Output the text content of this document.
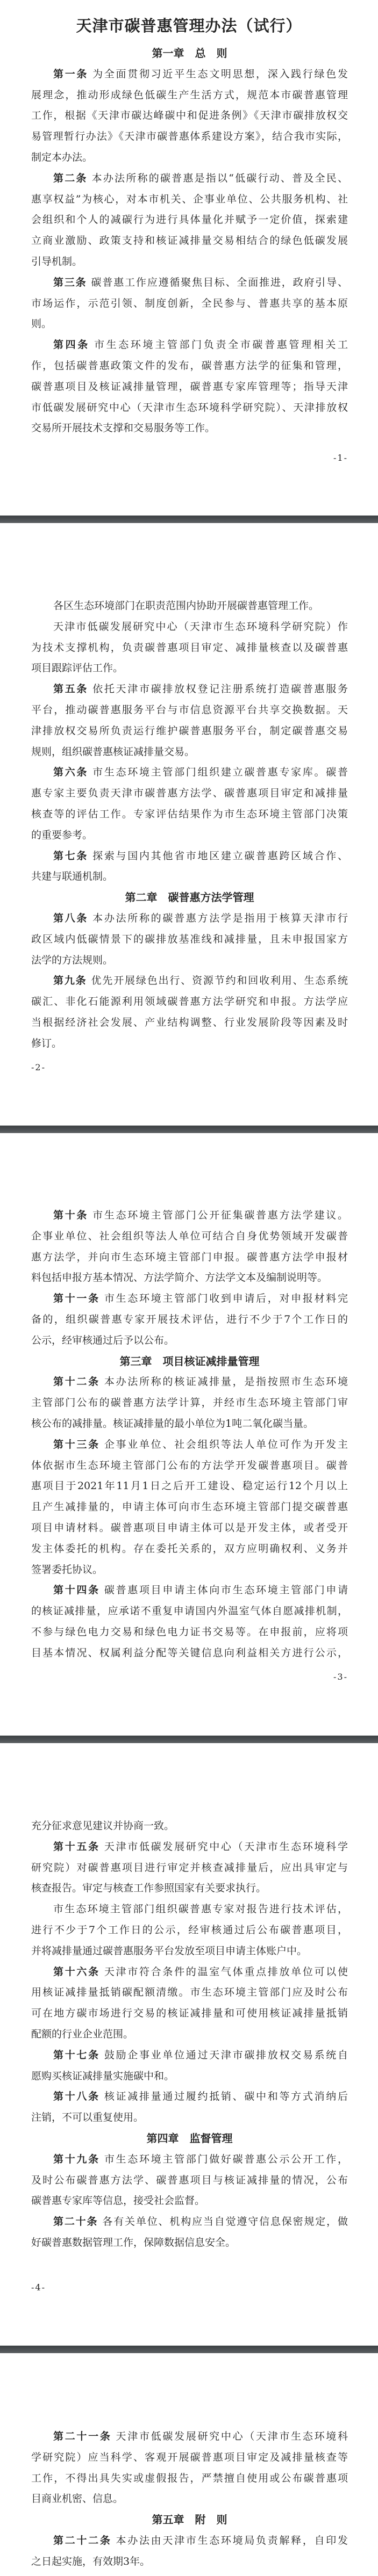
天津市碳普惠管理办法（试行）
-1-
-2-
-3-
-4-
第一章　总　则
第一条 为全面贯彻习近平生态文明思想，深入践行绿色发
展理念，推动形成绿色低碳生产生活方式，规范本市碳普惠管理
工作，根据《天津市碳达峰碳中和促进条例》《天津市碳排放权交
易管理暂行办法》《天津市碳普惠体系建设方案》，结合我市实际，
制定本办法。
第二条 本办法所称的碳普惠是指以“低碳行动、普及全民、
惠享权益”为核心，对本市机关、企事业单位、公共服务机构、社
会组织和个人的减碳行为进行具体量化并赋予一定价值，探索建
立商业激励、政策支持和核证减排量交易相结合的绿色低碳发展
引导机制。
第三条 碳普惠工作应遵循聚焦目标、全面推进，政府引导、
市场运作，示范引领、制度创新，全民参与、普惠共享的基本原
则。
第四条 市生态环境主管部门负责全市碳普惠管理相关工
作，包括碳普惠政策文件的发布，碳普惠方法学的征集和管理，
碳普惠项目及核证减排量管理，碳普惠专家库管理等；指导天津
市低碳发展研究中心（天津市生态环境科学研究院）、天津排放权
交易所开展技术支撑和交易服务等工作。
各区生态环境部门在职责范围内协助开展碳普惠管理工作。
天津市低碳发展研究中心（天津市生态环境科学研究院）作
为技术支撑机构，负责碳普惠项目审定、减排量核查以及碳普惠
项目跟踪评估工作。
第五条 依托天津市碳排放权登记注册系统打造碳普惠服务
平台，推动碳普惠服务平台与市信息资源平台共享交换数据。天
津排放权交易所负责运行维护碳普惠服务平台，制定碳普惠交易
规则，组织碳普惠核证减排量交易。
第六条 市生态环境主管部门组织建立碳普惠专家库。碳普
惠专家主要负责天津市碳普惠方法学、碳普惠项目审定和减排量
核查等的评估工作。专家评估结果作为市生态环境主管部门决策
的重要参考。
第七条 探索与国内其他省市地区建立碳普惠跨区域合作、
共建与联通机制。
第二章　碳普惠方法学管理
第八条 本办法所称的碳普惠方法学是指用于核算天津市行
政区域内低碳情景下的碳排放基准线和减排量，且未申报国家方
法学的方法规则。
第九条 优先开展绿色出行、资源节约和回收利用、生态系统
碳汇、非化石能源利用领域碳普惠方法学研究和申报。方法学应
当根据经济社会发展、产业结构调整、行业发展阶段等因素及时
修订。
第十条 市生态环境主管部门公开征集碳普惠方法学建议。
企事业单位、社会组织等法人单位可结合自身优势领域开发碳普
惠方法学，并向市生态环境主管部门申报。碳普惠方法学申报材
料包括申报方基本情况、方法学简介、方法学文本及编制说明等。
第十一条 市生态环境主管部门收到申请后，对申报材料完
备的，组织碳普惠专家开展技术评估，进行不少于7个工作日的
公示，经审核通过后予以公布。
第三章　项目核证减排量管理
第十二条 本办法所称的核证减排量，是指按照市生态环境
主管部门公布的碳普惠方法学计算，并经市生态环境主管部门审
核公布的减排量。核证减排量的最小单位为1吨二氧化碳当量。
第十三条 企事业单位、社会组织等法人单位可作为开发主
体依据市生态环境主管部门公布的方法学开发碳普惠项目。碳普
惠项目于2021年11月1日之后开工建设、稳定运行12个月以上
且产生减排量的，申请主体可向市生态环境主管部门提交碳普惠
项目申请材料。碳普惠项目申请主体可以是开发主体，或者受开
发主体委托的机构。存在委托关系的，双方应明确权利、义务并
签署委托协议。
第十四条 碳普惠项目申请主体向市生态环境主管部门申请
的核证减排量，应承诺不重复申请国内外温室气体自愿减排机制，
不参与绿色电力交易和绿色电力证书交易等。在申报前，应将项
目基本情况、权属利益分配等关键信息向利益相关方进行公示，
充分征求意见建议并协商一致。
第十五条 天津市低碳发展研究中心（天津市生态环境科学
研究院）对碳普惠项目进行审定并核查减排量后，应出具审定与
核查报告。审定与核查工作参照国家有关要求执行。
市生态环境主管部门组织碳普惠专家对报告进行技术评估，
进行不少于7个工作日的公示，经审核通过后公布碳普惠项目，
并将减排量通过碳普惠服务平台发放至项目申请主体账户中。
第十六条 天津市符合条件的温室气体重点排放单位可以使
用核证减排量抵销碳配额清缴。市生态环境主管部门应及时公布
可在地方碳市场进行交易的核证减排量和可使用核证减排量抵销
配额的行业企业范围。
第十七条 鼓励企事业单位通过天津市碳排放权交易系统自
愿购买核证减排量实施碳中和。
第十八条 核证减排量通过履约抵销、碳中和等方式消纳后
注销，不可以重复使用。
第四章　监督管理
第十九条 市生态环境主管部门做好碳普惠公示公开工作，
及时公布碳普惠方法学、碳普惠项目与核证减排量的情况，公布
碳普惠专家库等信息，接受社会监督。
第二十条 各有关单位、机构应当自觉遵守信息保密规定，做
好碳普惠数据管理工作，保障数据信息安全。
第二十一条 天津市低碳发展研究中心（天津市生态环境科
学研究院）应当科学、客观开展碳普惠项目审定及减排量核查等
工作，不得出具失实或虚假报告，严禁擅自使用或公布碳普惠项
目商业机密、信息。
第五章　附　则
第二十二条 本办法由天津市生态环境局负责解释，自印发
之日起实施，有效期3年。
